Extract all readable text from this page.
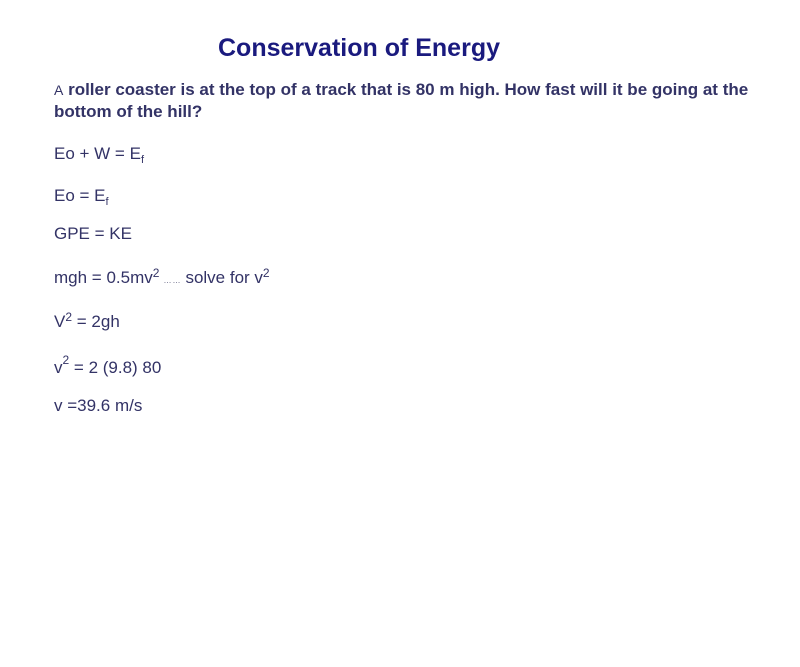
Conservation of Energy
A roller coaster is at the top of a track that is 80 m high. How fast will it be going at the bottom of the hill?
$Eo + W = E_f$
$Eo = E_f$
GPE = KE
mgh = $0.5mv^2\dots\dots$ solve for $v^2$
$V^2 = 2gh$
$v^2 = 2$ (9.8) 80
v =39.6 m/s
